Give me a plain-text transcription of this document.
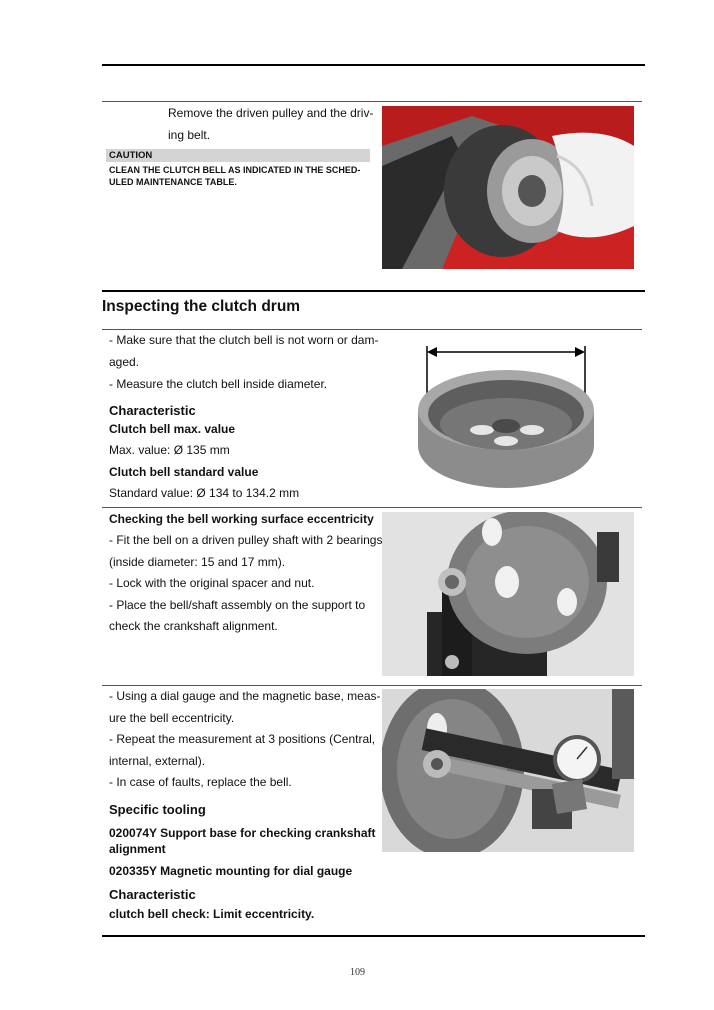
Remove the driven pulley and the driv-
ing belt.
CAUTION
CLEAN THE CLUTCH BELL AS INDICATED IN THE SCHED-
ULED MAINTENANCE TABLE.
Inspecting the clutch drum
- Make sure that the clutch bell is not worn or dam-
aged.
- Measure the clutch bell inside diameter.
Characteristic
Clutch bell max. value
Max. value: Ø 135 mm
Clutch bell standard value
Standard value: Ø 134 to 134.2 mm
Checking the bell working surface eccentricity
- Fit the bell on a driven pulley shaft with 2 bearings
(inside diameter: 15 and 17 mm).
- Lock with the original spacer and nut.
- Place the bell/shaft assembly on the support to
check the crankshaft alignment.
- Using a dial gauge and the magnetic base, meas-
ure the bell eccentricity.
- Repeat the measurement at 3 positions (Central,
internal, external).
- In case of faults, replace the bell.
Specific tooling
020074Y Support base for checking crankshaft
alignment
020335Y Magnetic mounting for dial gauge
Characteristic
clutch bell check: Limit eccentricity.
109
